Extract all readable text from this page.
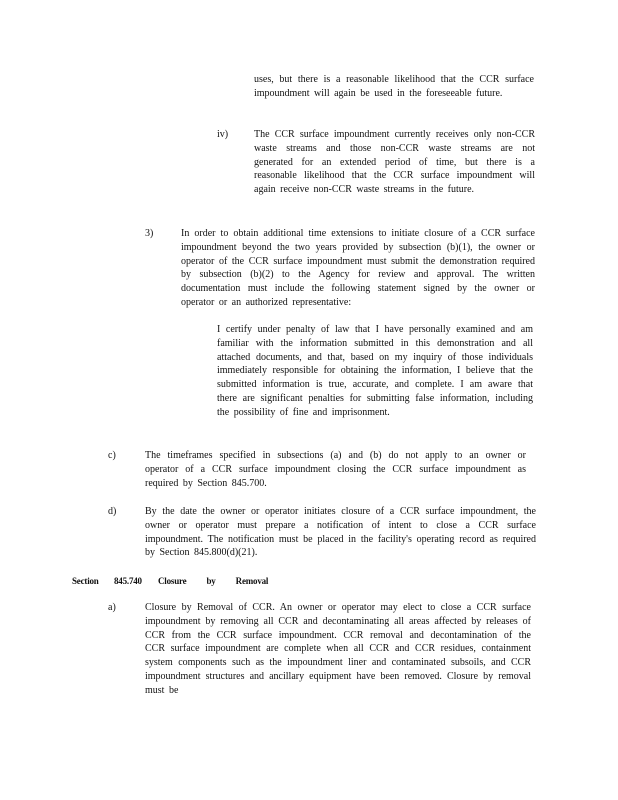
uses, but there is a reasonable likelihood that the CCR surface impoundment will again be used in the foreseeable future.
iv)	The CCR surface impoundment currently receives only non-CCR waste streams and those non-CCR waste streams are not generated for an extended period of time, but there is a reasonable likelihood that the CCR surface impoundment will again receive non-CCR waste streams in the future.
3)	In order to obtain additional time extensions to initiate closure of a CCR surface impoundment beyond the two years provided by subsection (b)(1), the owner or operator of the CCR surface impoundment must submit the demonstration required by subsection (b)(2) to the Agency for review and approval. The written documentation must include the following statement signed by the owner or operator or an authorized representative:
I certify under penalty of law that I have personally examined and am familiar with the information submitted in this demonstration and all attached documents, and that, based on my inquiry of those individuals immediately responsible for obtaining the information, I believe that the submitted information is true, accurate, and complete. I am aware that there are significant penalties for submitting false information, including the possibility of fine and imprisonment.
c)	The timeframes specified in subsections (a) and (b) do not apply to an owner or operator of a CCR surface impoundment closing the CCR surface impoundment as required by Section 845.700.
d)	By the date the owner or operator initiates closure of a CCR surface impoundment, the owner or operator must prepare a notification of intent to close a CCR surface impoundment. The notification must be placed in the facility's operating record as required by Section 845.800(d)(21).
Section 845.740 Closure by Removal
a)	Closure by Removal of CCR. An owner or operator may elect to close a CCR surface impoundment by removing all CCR and decontaminating all areas affected by releases of CCR from the CCR surface impoundment. CCR removal and decontamination of the CCR surface impoundment are complete when all CCR and CCR residues, containment system components such as the impoundment liner and contaminated subsoils, and CCR impoundment structures and ancillary equipment have been removed. Closure by removal must be
